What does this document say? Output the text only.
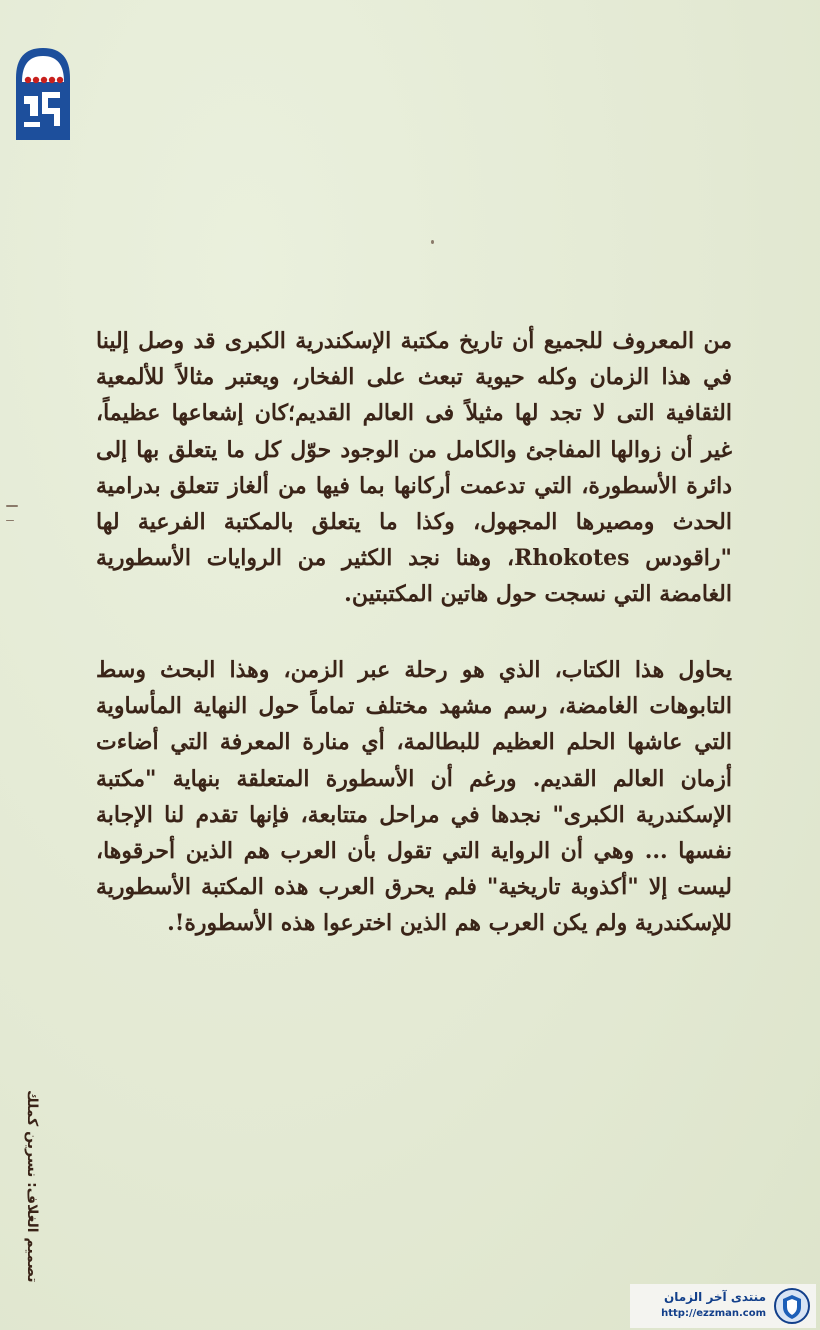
من المعروف للجميع أن تاريخ مكتبة الإسكندرية الكبرى قد وصل إلينا في هذا الزمان وكله حيوية تبعث على الفخار، ويعتبر مثالاً للألمعية الثقافية التى لا تجد لها مثيلاً فى العالم القديم؛كان إشعاعها عظيماً، غير أن زوالها المفاجئ والكامل من الوجود حوّل كل ما يتعلق بها إلى دائرة الأسطورة، التي تدعمت أركانها بما فيها من ألغاز تتعلق بدرامية الحدث ومصيرها المجهول، وكذا ما يتعلق بالمكتبة الفرعية لها "راقودس Rhokotes، وهنا نجد الكثير من الروايات الأسطورية الغامضة التي نسجت حول هاتين المكتبتين.
يحاول هذا الكتاب، الذي هو رحلة عبر الزمن، وهذا البحث وسط التابوهات الغامضة، رسم مشهد مختلف تماماً حول النهاية المأساوية التي عاشها الحلم العظيم للبطالمة، أي منارة المعرفة التي أضاءت أزمان العالم القديم. ورغم أن الأسطورة المتعلقة بنهاية "مكتبة الإسكندرية الكبرى" نجدها في مراحل متتابعة، فإنها تقدم لنا الإجابة نفسها ... وهي أن الرواية التي تقول بأن العرب هم الذين أحرقوها، ليست إلا "أكذوبة تاريخية" فلم يحرق العرب هذه المكتبة الأسطورية للإسكندرية ولم يكن العرب هم الذين اخترعوا هذه الأسطورة!.
تصميم الغلاف: نسرين كملك
منتدى آخر الزمان
http://ezzman.com
